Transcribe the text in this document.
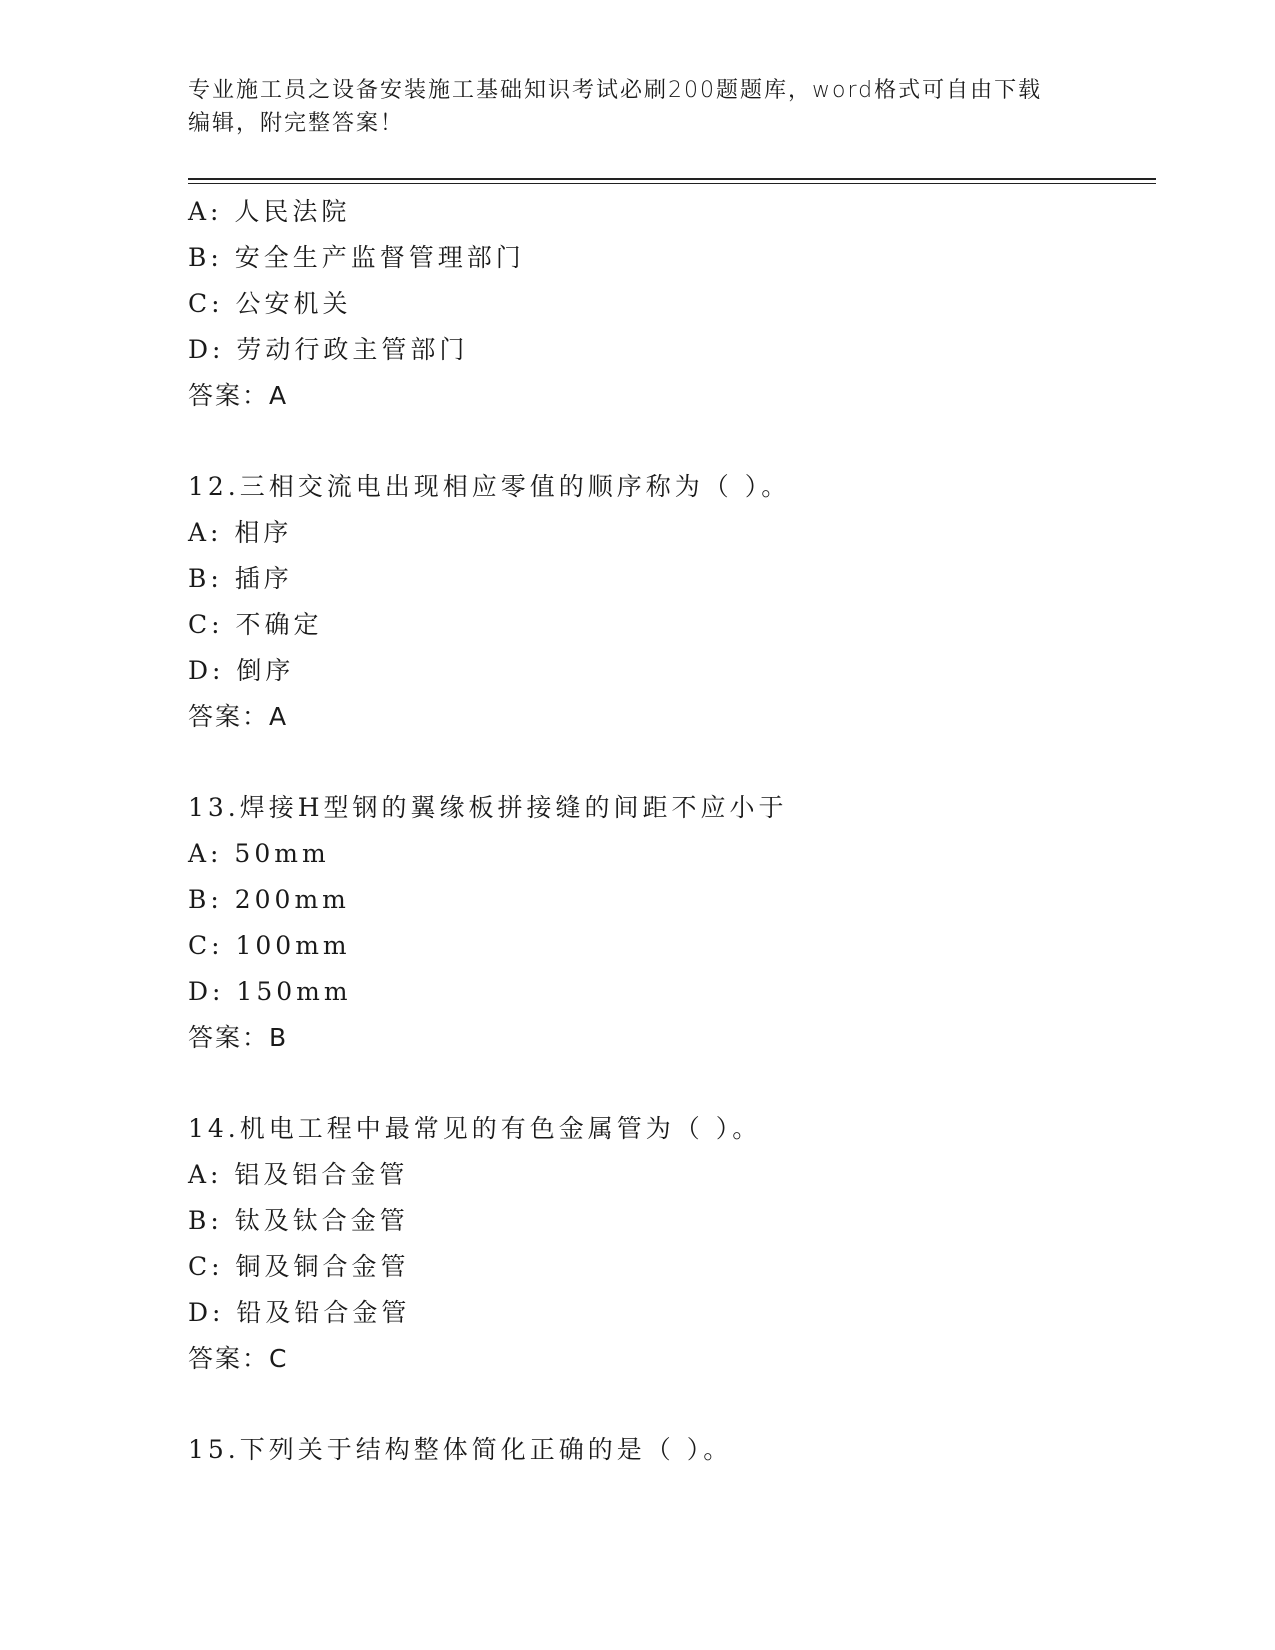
专业施工员之设备安装施工基础知识考试必刷200题题库，word格式可自由下载
编辑，附完整答案！
A: 人民法院
B: 安全生产监督管理部门
C: 公安机关
D: 劳动行政主管部门
答案：A
12.三相交流电出现相应零值的顺序称为（ ）。
A: 相序
B: 插序
C: 不确定
D: 倒序
答案：A
13.焊接H型钢的翼缘板拼接缝的间距不应小于
A: 50mm
B: 200mm
C: 100mm
D: 150mm
答案：B
14.机电工程中最常见的有色金属管为（ ）。
A: 铝及铝合金管
B: 钛及钛合金管
C: 铜及铜合金管
D: 铅及铅合金管
答案：C
15.下列关于结构整体简化正确的是（ ）。
